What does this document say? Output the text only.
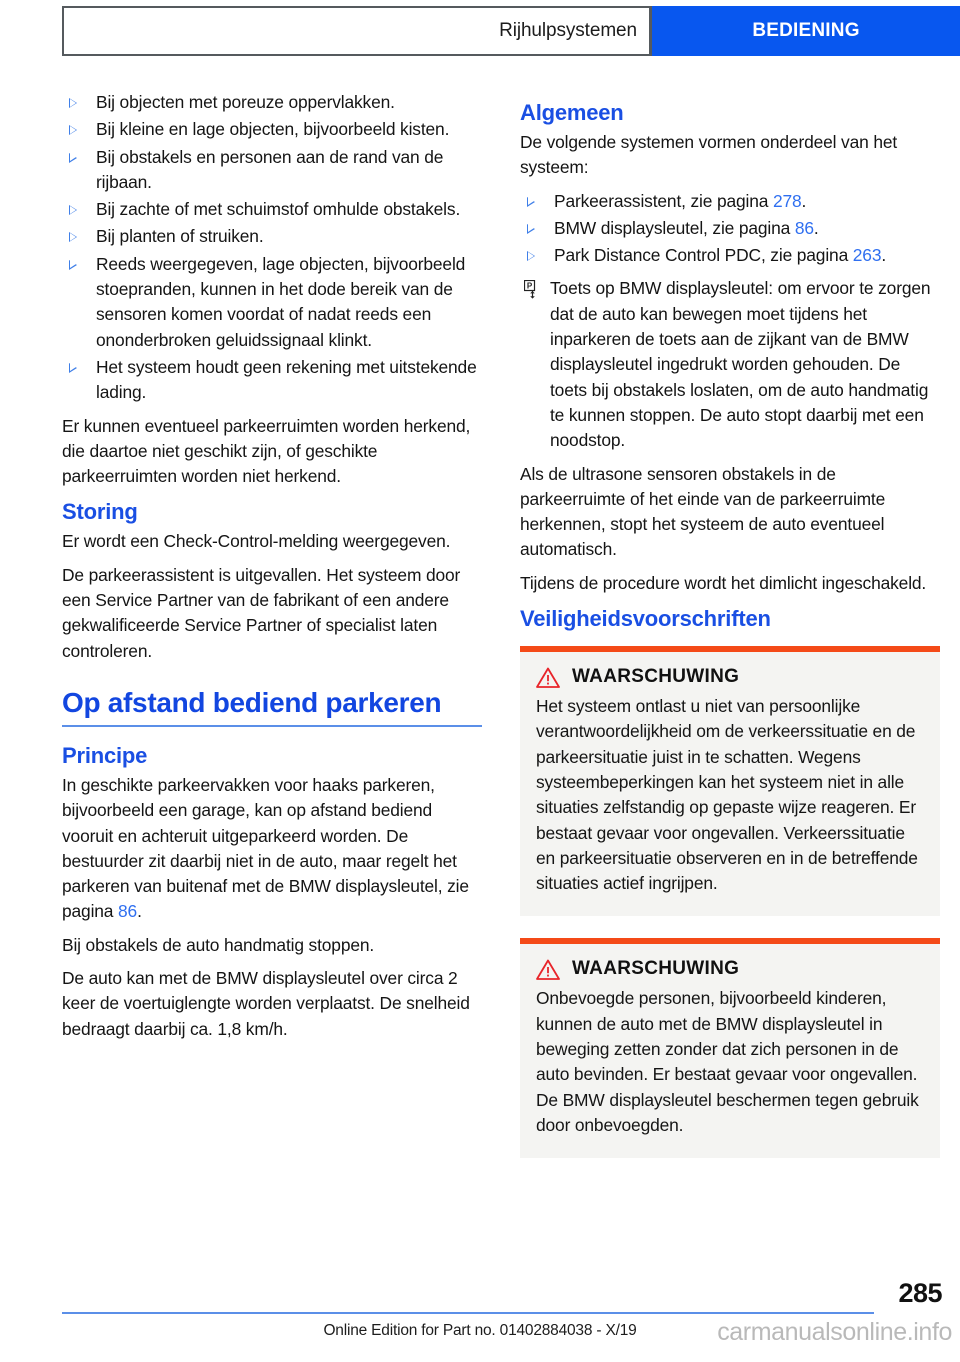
Rijhulpsystemen	BEDIENING
Bij objecten met poreuze oppervlakken.
Bij kleine en lage objecten, bijvoorbeeld kisten.
Bij obstakels en personen aan de rand van de rijbaan.
Bij zachte of met schuimstof omhulde obstakels.
Bij planten of struiken.
Reeds weergegeven, lage objecten, bijvoorbeeld stoepranden, kunnen in het dode bereik van de sensoren komen voordat of nadat reeds een ononderbroken geluidssignaal klinkt.
Het systeem houdt geen rekening met uitstekende lading.

Er kunnen eventueel parkeerruimten worden herkend, die daartoe niet geschikt zijn, of geschikte parkeerruimten worden niet herkend.

Storing

Er wordt een Check-Control-melding weergegeven.

De parkeerassistent is uitgevallen. Het systeem door een Service Partner van de fabrikant of een andere gekwalificeerde Service Partner of specialist laten controleren.

Op afstand bediend parkeren
Principe

In geschikte parkeervakken voor haaks parkeren, bijvoorbeeld een garage, kan op afstand bediend vooruit en achteruit uitgeparkeerd worden. De bestuurder zit daarbij niet in de auto, maar regelt het parkeren van buitenaf met de BMW displaysleutel, zie pagina 86.

Bij obstakels de auto handmatig stoppen.

De auto kan met de BMW displaysleutel over circa 2 keer de voertuiglengte worden verplaatst. De snelheid bedraagt daarbij ca. 1,8 km/h.

Algemeen

De volgende systemen vormen onderdeel van het systeem:

Parkeerassistent, zie pagina 278.
BMW displaysleutel, zie pagina 86.
Park Distance Control PDC, zie pagina 263.
P Toets op BMW displaysleutel: om ervoor te zorgen dat de auto kan bewegen moet tijdens het inparkeren de toets aan de zijkant van de BMW displaysleutel ingedrukt worden gehouden. De toets bij obstakels loslaten, om de auto handmatig te kunnen stoppen. De auto stopt daarbij met een noodstop.

Als de ultrasone sensoren obstakels in de parkeerruimte of het einde van de parkeerruimte herkennen, stopt het systeem de auto eventueel automatisch.

Tijdens de procedure wordt het dimlicht ingeschakeld.

Veiligheidsvoorschriften
WAARSCHUWING

Het systeem ontlast u niet van persoonlijke verantwoordelijkheid om de verkeerssituatie en de parkeersituatie juist in te schatten. Wegens systeembeperkingen kan het systeem niet in alle situaties zelfstandig op gepaste wijze reageren. Er bestaat gevaar voor ongevallen. Verkeerssituatie en parkeersituatie observeren en in de betreffende situaties actief ingrijpen.

WAARSCHUWING

Onbevoegde personen, bijvoorbeeld kinderen, kunnen de auto met de BMW displaysleutel in beweging zetten zonder dat zich personen in de auto bevinden. Er bestaat gevaar voor ongevallen. De BMW displaysleutel beschermen tegen gebruik door onbevoegden.

285
Online Edition for Part no. 01402884038 - X/19	carmanualsonline.info
